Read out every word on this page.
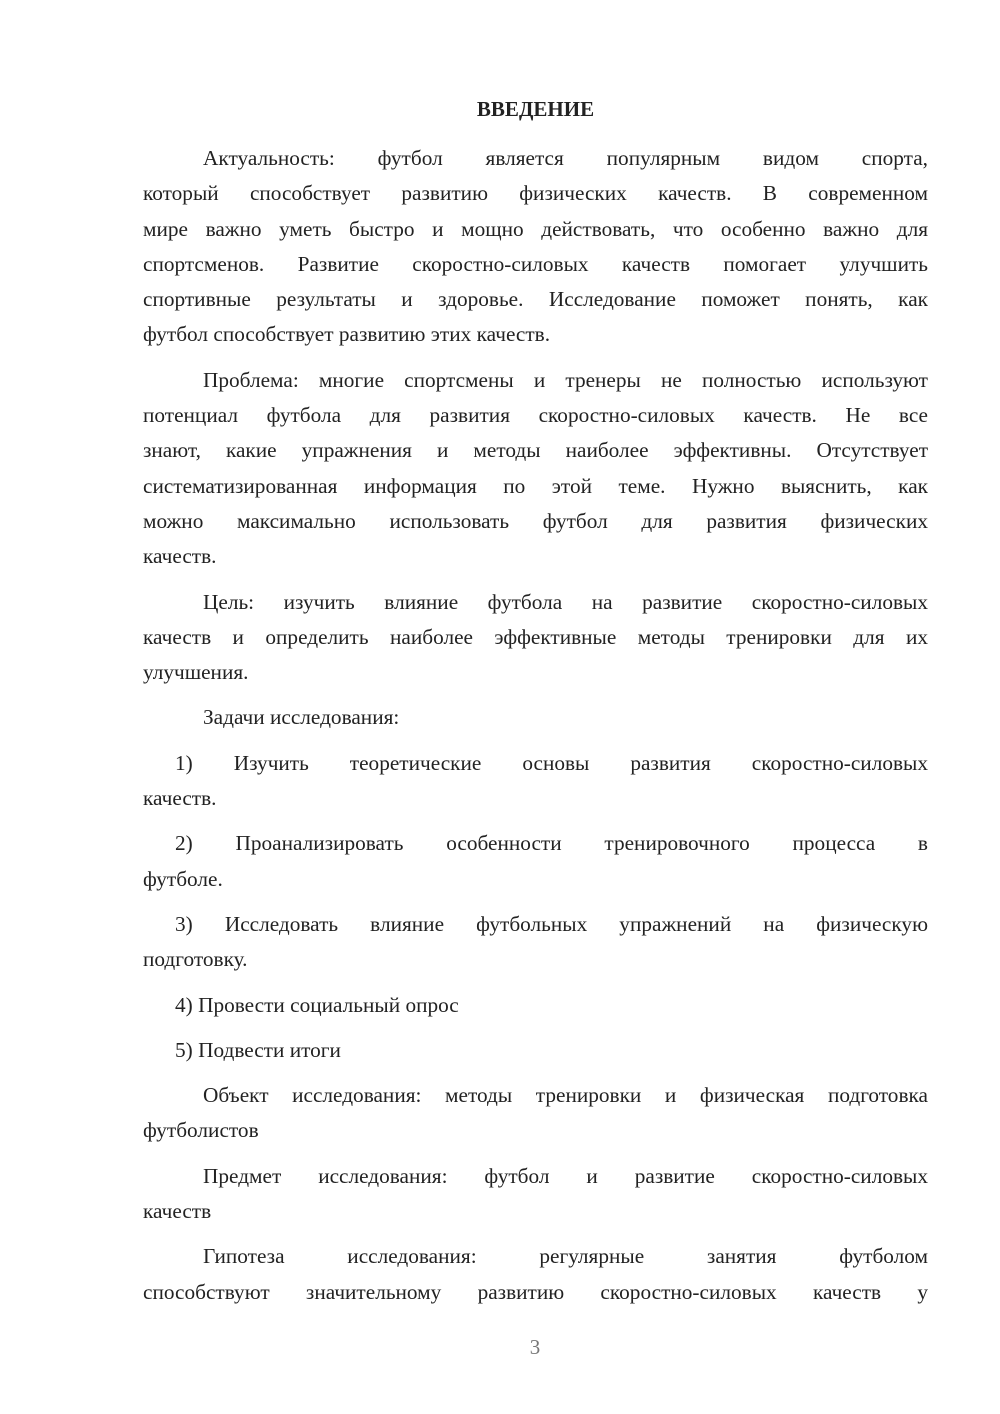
ВВЕДЕНИЕ
Актуальность: футбол является популярным видом спорта,
который способствует развитию физических качеств. В современном
мире важно уметь быстро и мощно действовать, что особенно важно для
спортсменов. Развитие скоростно-силовых качеств помогает улучшить
спортивные результаты и здоровье. Исследование поможет понять, как
футбол способствует развитию этих качеств.
Проблема: многие спортсмены и тренеры не полностью используют
потенциал футбола для развития скоростно-силовых качеств. Не все
знают, какие упражнения и методы наиболее эффективны. Отсутствует
систематизированная информация по этой теме. Нужно выяснить, как
можно максимально использовать футбол для развития физических
качеств.
Цель: изучить влияние футбола на развитие скоростно-силовых
качеств и определить наиболее эффективные методы тренировки для их
улучшения.
Задачи исследования:
1) Изучить теоретические основы развития скоростно-силовых
качеств.
2) Проанализировать особенности тренировочного процесса в
футболе.
3) Исследовать влияние футбольных упражнений на физическую
подготовку.
4) Провести социальный опрос
5) Подвести итоги
Объект исследования: методы тренировки и физическая подготовка
футболистов
Предмет исследования: футбол и развитие скоростно-силовых
качеств
Гипотеза исследования: регулярные занятия футболом
способствуют значительному развитию скоростно-силовых качеств у
3
